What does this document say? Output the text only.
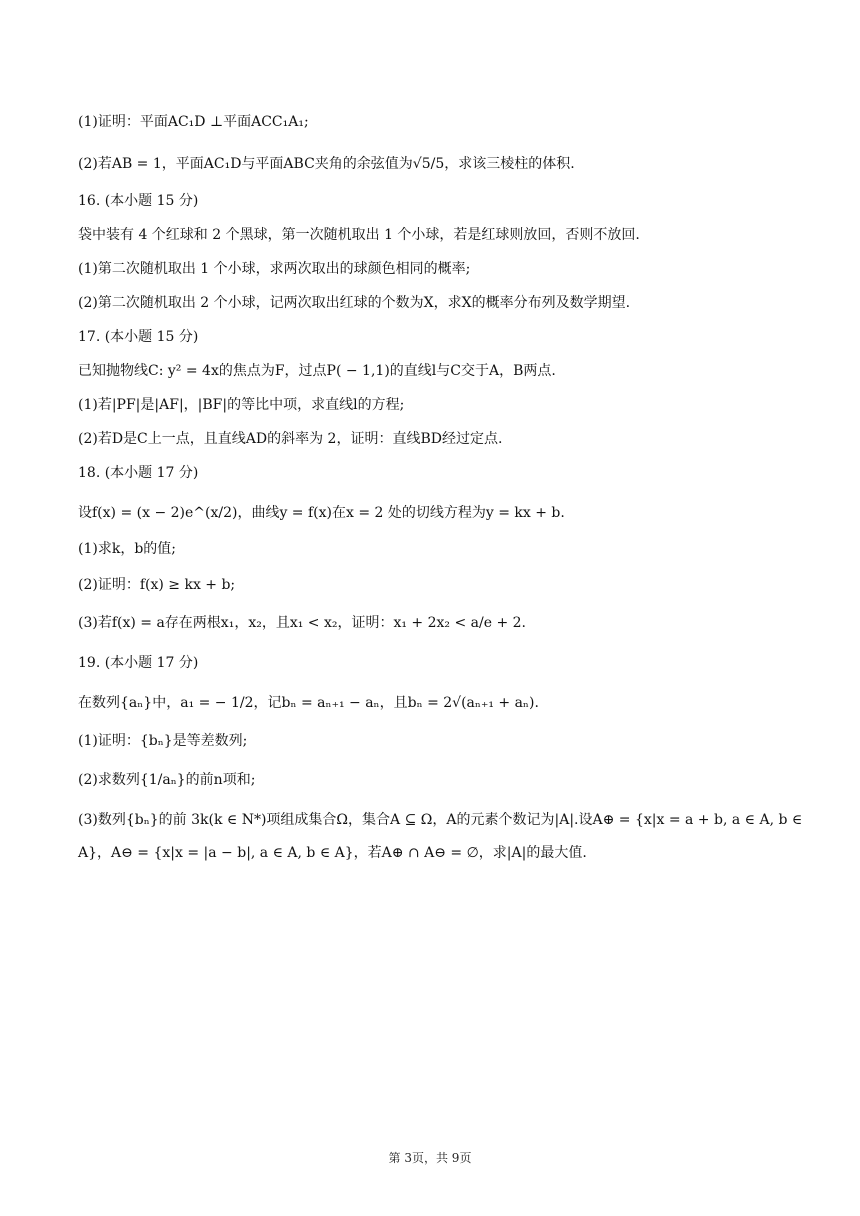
(1)证明：平面AC₁D ⊥平面ACC₁A₁;
(2)若AB = 1，平面AC₁D与平面ABC夹角的余弦值为√5/5，求该三棱柱的体积.
16. (本小题 15 分)
袋中装有 4 个红球和 2 个黑球，第一次随机取出 1 个小球，若是红球则放回，否则不放回.
(1)第二次随机取出 1 个小球，求两次取出的球颜色相同的概率;
(2)第二次随机取出 2 个小球，记两次取出红球的个数为X，求X的概率分布列及数学期望.
17. (本小题 15 分)
已知抛物线C: y² = 4x的焦点为F，过点P( − 1,1)的直线l与C交于A，B两点.
(1)若|PF|是|AF|，|BF|的等比中项，求直线l的方程;
(2)若D是C上一点，且直线AD的斜率为 2，证明：直线BD经过定点.
18. (本小题 17 分)
设f(x) = (x − 2)e^(x/2)，曲线y = f(x)在x = 2 处的切线方程为y = kx + b.
(1)求k，b的值;
(2)证明：f(x) ≥ kx + b;
(3)若f(x) = a存在两根x₁，x₂，且x₁ < x₂，证明：x₁ + 2x₂ < a/e + 2.
19. (本小题 17 分)
在数列{aₙ}中，a₁ = − 1/2，记bₙ = aₙ₊₁ − aₙ，且bₙ = 2√(aₙ₊₁ + aₙ).
(1)证明：{bₙ}是等差数列;
(2)求数列{1/aₙ}的前n项和;
(3)数列{bₙ}的前 3k(k ∈ N*)项组成集合Ω，集合A ⊆ Ω，A的元素个数记为|A|.设A⊕ = {x|x = a + b, a ∈ A, b ∈
A}，A⊖ = {x|x = |a − b|, a ∈ A, b ∈ A}，若A⊕ ∩ A⊖ = ∅，求|A|的最大值.
第 3页，共 9页
